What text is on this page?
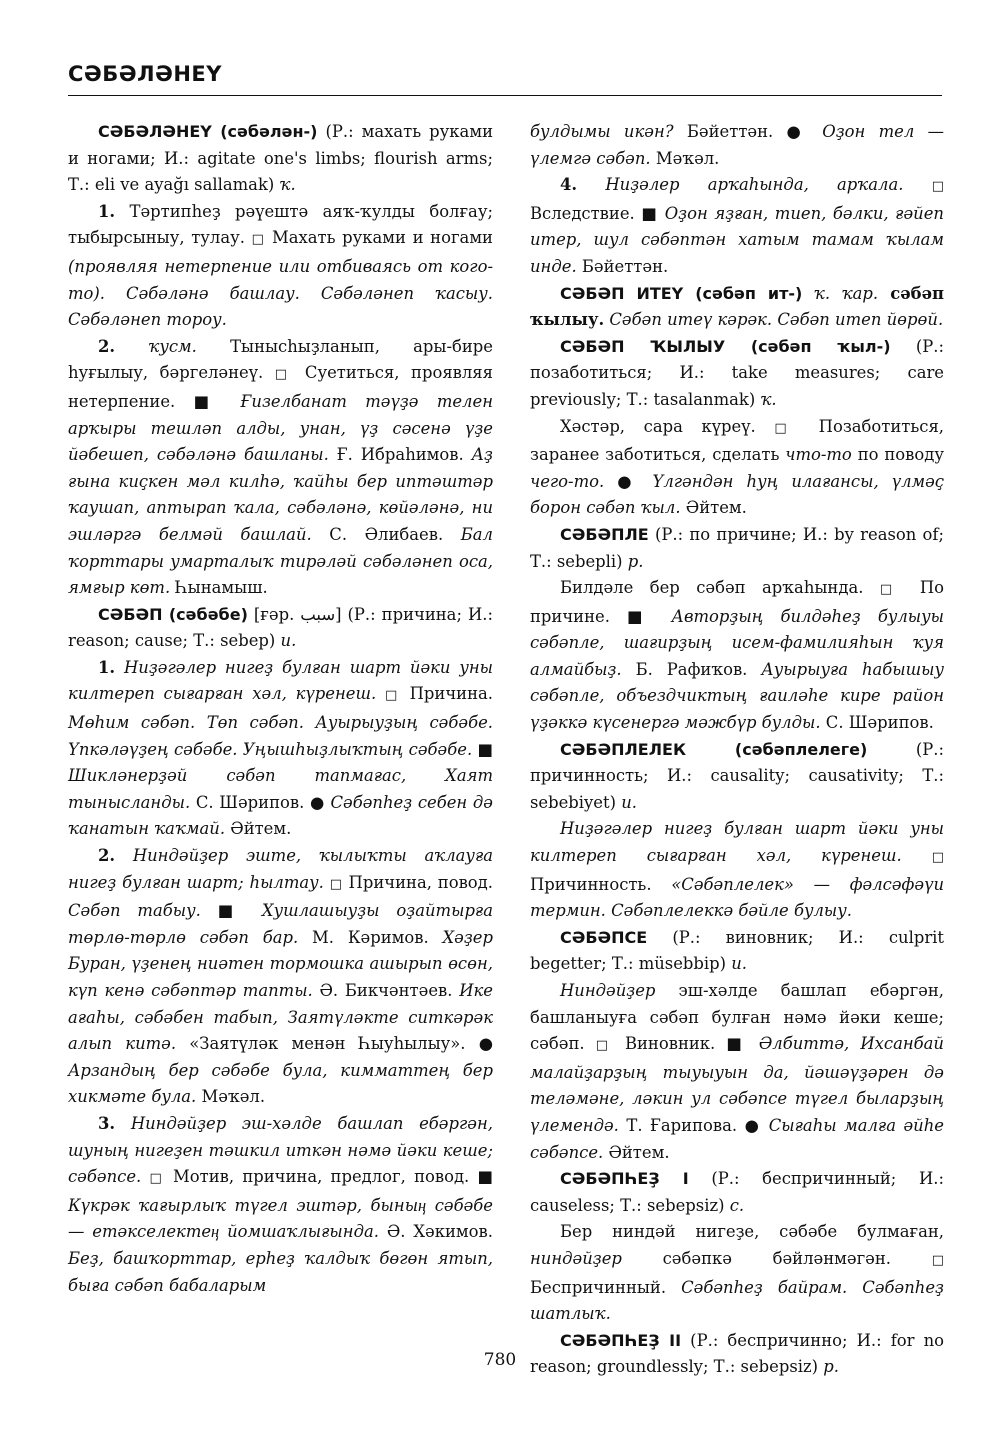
СӘБӘЛӘНЕҮ

СӘБӘЛӘНЕҮ (сәбәлән-) (Р.: махать руками и ногами; И.: agitate one's limbs; flourish arms; Т.: eli ve ayağı sallamak) ҡ.

1. Тәртипһеҙ рәүештә аяҡ-ҡулды болғау; тыбырсыныу, тулау. □ Махать руками и ногами (проявляя нетерпение или отбиваясь от кого-то). Сәбәләнә башлау. Сәбәләнеп ҡасыу. Сәбәләнеп тороу.

2. ҡусм. Тыныcһыҙланып, ары-бире һуғылыу, бәргеләнеү. □ Суетиться, проявляя нетерпение. ■ Ғизелбанат тәүҙә телен арҡыры тешләп алды, унан, үҙ сәсенә үҙе йәбешеп, сәбәләнә башланы. Ғ. Ибраһимов. Аҙ ғына киҫкен мәл килһә, ҡайһы бер иптәштәр ҡаушап, аптырап ҡала, сәбәләнә, көйәләнә, ни эшләргә белмәй башлай. С. Әлибаев. Бал ҡорттары умарталыҡ тирәләй сәбәләнеп оса, ямғыр көт. Һынамыш.

СӘБӘП (сәбәбе) [ғәр. سبب] (Р.: причина; И.: reason; cause; Т.: sebep) и.

1. Ниҙәгәлер нигеҙ булған шарт йәки уны килтереп сығарған хәл, күренеш. □ Причина. Мөһим сәбәп. Төп сәбәп. Ауырыуҙың сәбәбе. Үпкәләүҙең сәбәбе. Уңышһыҙлыҡтың сәбәбе. ■ Шикләнерҙәй сәбәп тапмағас, Хаят тынысланды. С. Шәрипов. ● Сәбәпһеҙ себен дә ҡанатын ҡаҡмай. Әйтем.

2. Ниндәйҙер эште, ҡылыҡты аҡлауға нигеҙ булған шарт; һылтау. □ Причина, повод. Сәбәп табыу. ■ Хушлашыуҙы оҙайтырға төрлө-төрлө сәбәп бар. М. Кәримов. Хәҙер Буран, үҙенең ниәтен тормошка ашырып өсөн, күп кенә сәбәптәр тапты. Ә. Бикчәнтәев. Ике ағаһы, сәбәбен табып, Заятүләкте ситкәрәк алып китә. «Заятүләк менән Һыуһылыу». ● Арзандың бер сәбәбе була, кимматтең бер хикмәте була. Мәҡәл.

3. Ниндәйҙер эш-хәлде башлап ебәргән, шуның нигеҙен тәшкил иткән нәмә йәки кеше; сәбәпсе. □ Мотив, причина, предлог, повод. ■ Күкрәк ҡағырлыҡ түгел эштәр, быныӊ сәбәбе — етәкселектеӊ йомшаҡлығында. Ә. Хәкимов. Беҙ, башҡорттар, ерһеҙ ҡалдыҡ бөгөн ятып, быға сәбәп бабаларым

булдымы икән? Бәйеттән. ● Оҙон тел — үлемгә сәбәп. Мәҡәл.

4. Ниҙәлер арҡаһында, арҡала. □ Вследствие. ■ Оҙон яҙған, тиеп, бәлки, ғәйеп итер, шул сәбәптән хатым тамам ҡылам инде. Бәйеттән.

СӘБӘП ИТЕҮ (сәбәп ит-) ҡ. ҡар. сәбәп ҡылыу. Сәбәп итеү кәрәк. Сәбәп итеп йөрөй.

СӘБӘП ҠЫЛЫУ (сәбәп ҡыл-) (Р.: позаботиться; И.: take measures; care previously; Т.: tasalanmak) ҡ.

Хәстәр, сара күреү. □ Позаботиться, заранее заботиться, сделать что-то по поводу чего-то. ● Үлгәндән һуң илағансы, үлмәҫ борон сәбәп ҡыл. Әйтем.

СӘБӘПЛЕ (Р.: по причине; И.: by reason of; Т.: sebepli) р.

Билдәле бер сәбәп арҡаһында. □ По причине. ■ Авторҙың билдәһеҙ булыуы сәбәпле, шағирҙың исем-фамилияһын ҡуя алмайбыҙ. Б. Рафиҡов. Ауырыуға һабышыу сәбәпле, объездчиктың ғаиләһе кире район үҙәккә күсенергә мәжбүр булды. С. Шәрипов.

СӘБӘПЛЕЛЕК (сәбәплелеге) (Р.: причинность; И.: causality; causativity; Т.: sebebiyet) и.

Ниҙәгәлер нигеҙ булған шарт йәки уны килтереп сығарған хәл, күренеш. □ Причинность. «Сәбәплелек» — фәлсәфәүи термин. Сәбәплелеккә бәйле булыу.

СӘБӘПСЕ (Р.: виновник; И.: culprit begetter; Т.: müsebbip) и.

Ниндәйҙер эш-хәлде башлап ебәргән, башланыуға сәбәп булған нәмә йәки кеше; сәбәп. □ Виновник. ■ Әлбиттә, Ихсанбай малайҙарҙың тыуыуын да, йәшәүҙәрен дә теләмәне, ләкин ул сәбәпсе түгел быларҙың үлемендә. Т. Ғарипова. ● Сығаһы малға әйһе сәбәпсе. Әйтем.

СӘБӘПҺЕҘ I (Р.: беспричинный; И.: causeless; Т.: sebepsiz) с.

Бер ниндәй нигеҙе, сәбәбе булмаған, ниндәйҙер сәбәпкә бәйләнмәгән. □ Беспричинный. Сәбәпһеҙ байрам. Сәбәпһеҙ шатлыҡ.

СӘБӘПҺЕҘ II (Р.: беспричинно; И.: for no reason; groundlessly; Т.: sebepsiz) р.

780
